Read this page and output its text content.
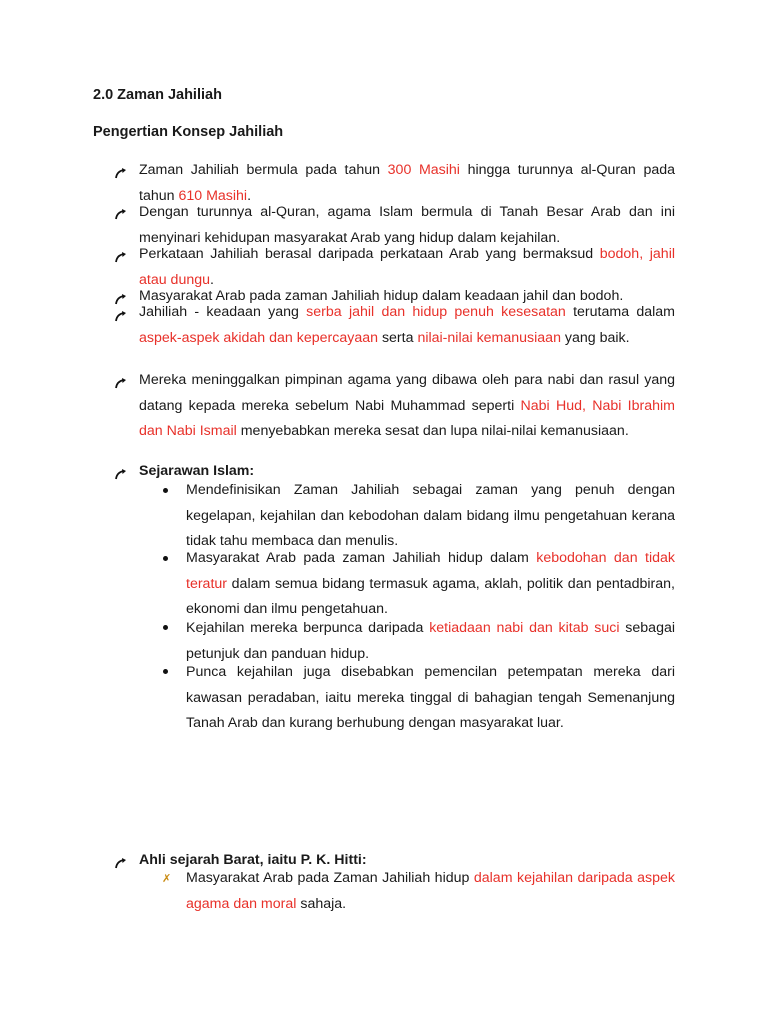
2.0 Zaman Jahiliah

Pengertian Konsep Jahiliah

✗

Zaman Jahiliah bermula pada tahun 300 Masihi hingga turunnya al-Quran pada tahun 610 Masihi.

Dengan turunnya al-Quran, agama Islam bermula di Tanah Besar Arab dan ini menyinari kehidupan masyarakat Arab yang hidup dalam kejahilan.

Perkataan Jahiliah berasal daripada perkataan Arab yang bermaksud bodoh, jahil atau dungu.

Masyarakat Arab pada zaman Jahiliah hidup dalam keadaan jahil dan bodoh.

Jahiliah - keadaan yang serba jahil dan hidup penuh kesesatan terutama dalam aspek-aspek akidah dan kepercayaan serta nilai-nilai kemanusiaan yang baik.

Mereka meninggalkan pimpinan agama yang dibawa oleh para nabi dan rasul yang datang kepada mereka sebelum Nabi Muhammad seperti Nabi Hud, Nabi Ibrahim dan Nabi Ismail menyebabkan mereka sesat dan lupa nilai-nilai kemanusiaan.

Sejarawan Islam:

Mendefinisikan Zaman Jahiliah sebagai zaman yang penuh dengan kegelapan, kejahilan dan kebodohan dalam bidang ilmu pengetahuan kerana tidak tahu membaca dan menulis.

Masyarakat Arab pada zaman Jahiliah hidup dalam kebodohan dan tidak teratur dalam semua bidang termasuk agama, aklah, politik dan pentadbiran, ekonomi dan ilmu pengetahuan.

Kejahilan mereka berpunca daripada ketiadaan nabi dan kitab suci sebagai petunjuk dan panduan hidup.

Punca kejahilan juga disebabkan pemencilan petempatan mereka dari kawasan peradaban, iaitu mereka tinggal di bahagian tengah Semenanjung Tanah Arab dan kurang berhubung dengan masyarakat luar.

Ahli sejarah Barat, iaitu P. K. Hitti:

Masyarakat Arab pada Zaman Jahiliah hidup dalam kejahilan daripada aspek agama dan moral sahaja.
